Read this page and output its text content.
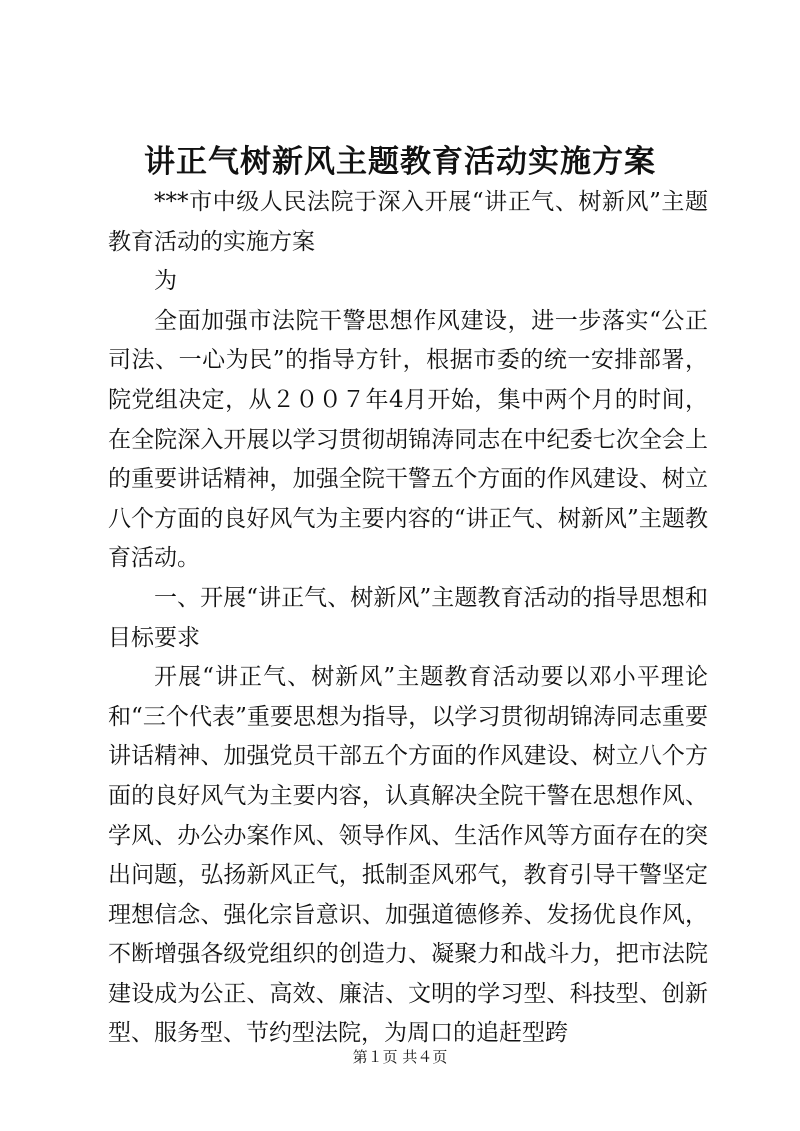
讲正气树新风主题教育活动实施方案

***市中级人民法院于深入开展“讲正气、树新风”主题教育活动的实施方案

为

全面加强市法院干警思想作风建设，进一步落实“公正司法、一心为民”的指导方针，根据市委的统一安排部署，院党组决定，从２００７年4月开始，集中两个月的时间，在全院深入开展以学习贯彻胡锦涛同志在中纪委七次全会上的重要讲话精神，加强全院干警五个方面的作风建设、树立八个方面的良好风气为主要内容的“讲正气、树新风”主题教育活动。

一、开展“讲正气、树新风”主题教育活动的指导思想和目标要求

开展“讲正气、树新风”主题教育活动要以邓小平理论和“三个代表”重要思想为指导，以学习贯彻胡锦涛同志重要讲话精神、加强党员干部五个方面的作风建设、树立八个方面的良好风气为主要内容，认真解决全院干警在思想作风、学风、办公办案作风、领导作风、生活作风等方面存在的突出问题，弘扬新风正气，抵制歪风邪气，教育引导干警坚定理想信念、强化宗旨意识、加强道德修养、发扬优良作风，不断增强各级党组织的创造力、凝聚力和战斗力，把市法院建设成为公正、高效、廉洁、文明的学习型、科技型、创新型、服务型、节约型法院，为周口的追赶型跨

第１页 共４页
